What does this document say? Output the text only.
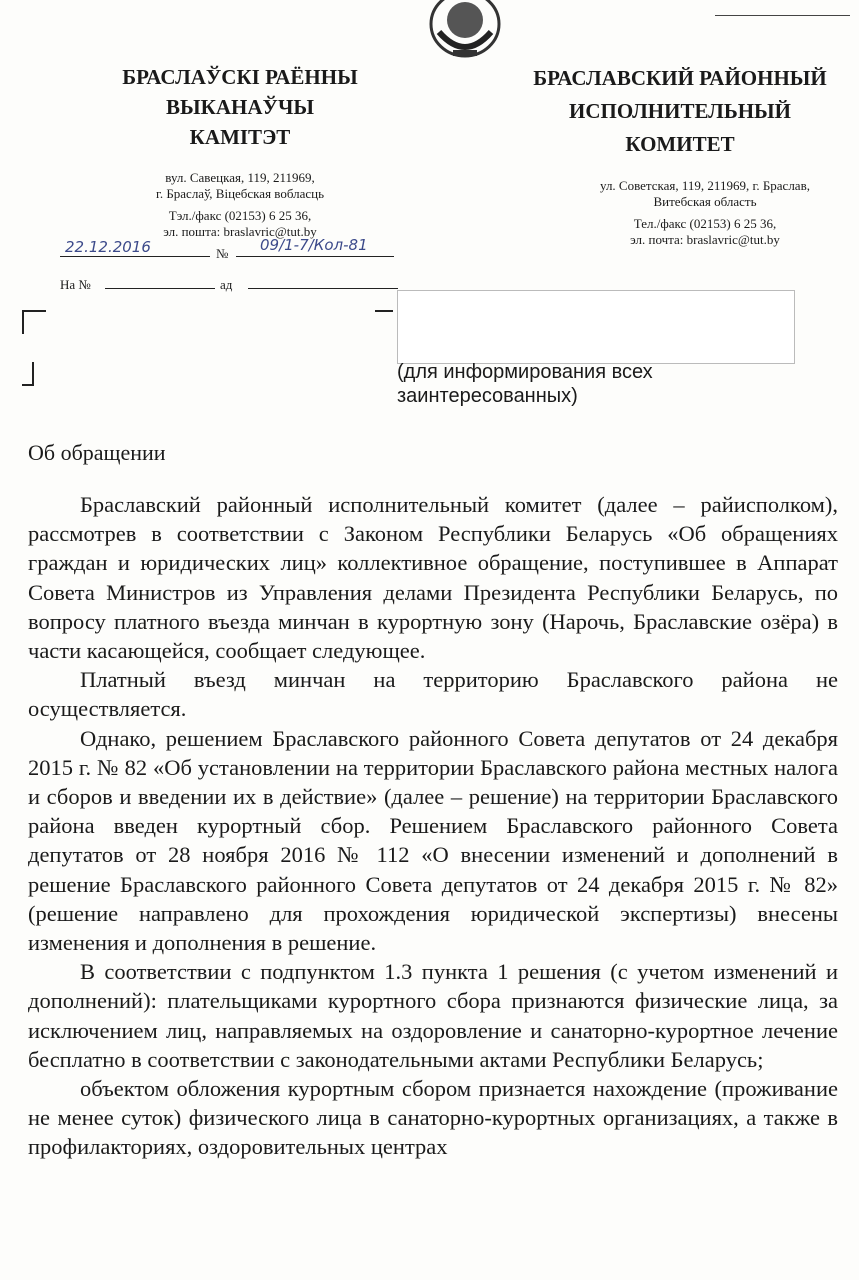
БРАСЛАЎСКІ РАЁННЫ
ВЫКАНАЎЧЫ
КАМІТЭТ
БРАСЛАВСКИЙ РАЙОННЫЙ
ИСПОЛНИТЕЛЬНЫЙ
КОМИТЕТ

вул. Савецкая, 119, 211969,

г. Браслаў, Віцебская вобласць

Тэл./факс (02153) 6 25 36,

эл. пошта: braslavric@tut.by

ул. Советская, 119, 211969, г. Браслав,

Витебская область

Тел./факс (02153) 6 25 36,

эл. почта: braslavric@tut.by

22.12.2016	№ 09/1-7/Кол-81
На №	ад
(для информирования всех
заинтересованных)
Об обращении

Браславский районный исполнительный комитет (далее – райисполком), рассмотрев в соответствии с Законом Республики Беларусь «Об обращениях граждан и юридических лиц» коллективное обращение, поступившее в Аппарат Совета Министров из Управления делами Президента Республики Беларусь, по вопросу платного въезда минчан в курортную зону (Нарочь, Браславские озёра) в части касающейся, сообщает следующее.

Платный въезд минчан на территорию Браславского района не осуществляется.

Однако, решением Браславского районного Совета депутатов от 24 декабря 2015 г. № 82 «Об установлении на территории Браславского района местных налога и сборов и введении их в действие» (далее – решение) на территории Браславского района введен курортный сбор. Решением Браславского районного Совета депутатов от 28 ноября 2016 № 112 «О внесении изменений и дополнений в решение Браславского районного Совета депутатов от 24 декабря 2015 г. № 82» (решение направлено для прохождения юридической экспертизы) внесены изменения и дополнения в решение.

В соответствии с подпунктом 1.3 пункта 1 решения (с учетом изменений и дополнений): плательщиками курортного сбора признаются физические лица, за исключением лиц, направляемых на оздоровление и санаторно-курортное лечение бесплатно в соответствии с законодательными актами Республики Беларусь;

объектом обложения курортным сбором признается нахождение (проживание не менее суток) физического лица в санаторно-курортных организациях, а также в профилакториях, оздоровительных центрах
